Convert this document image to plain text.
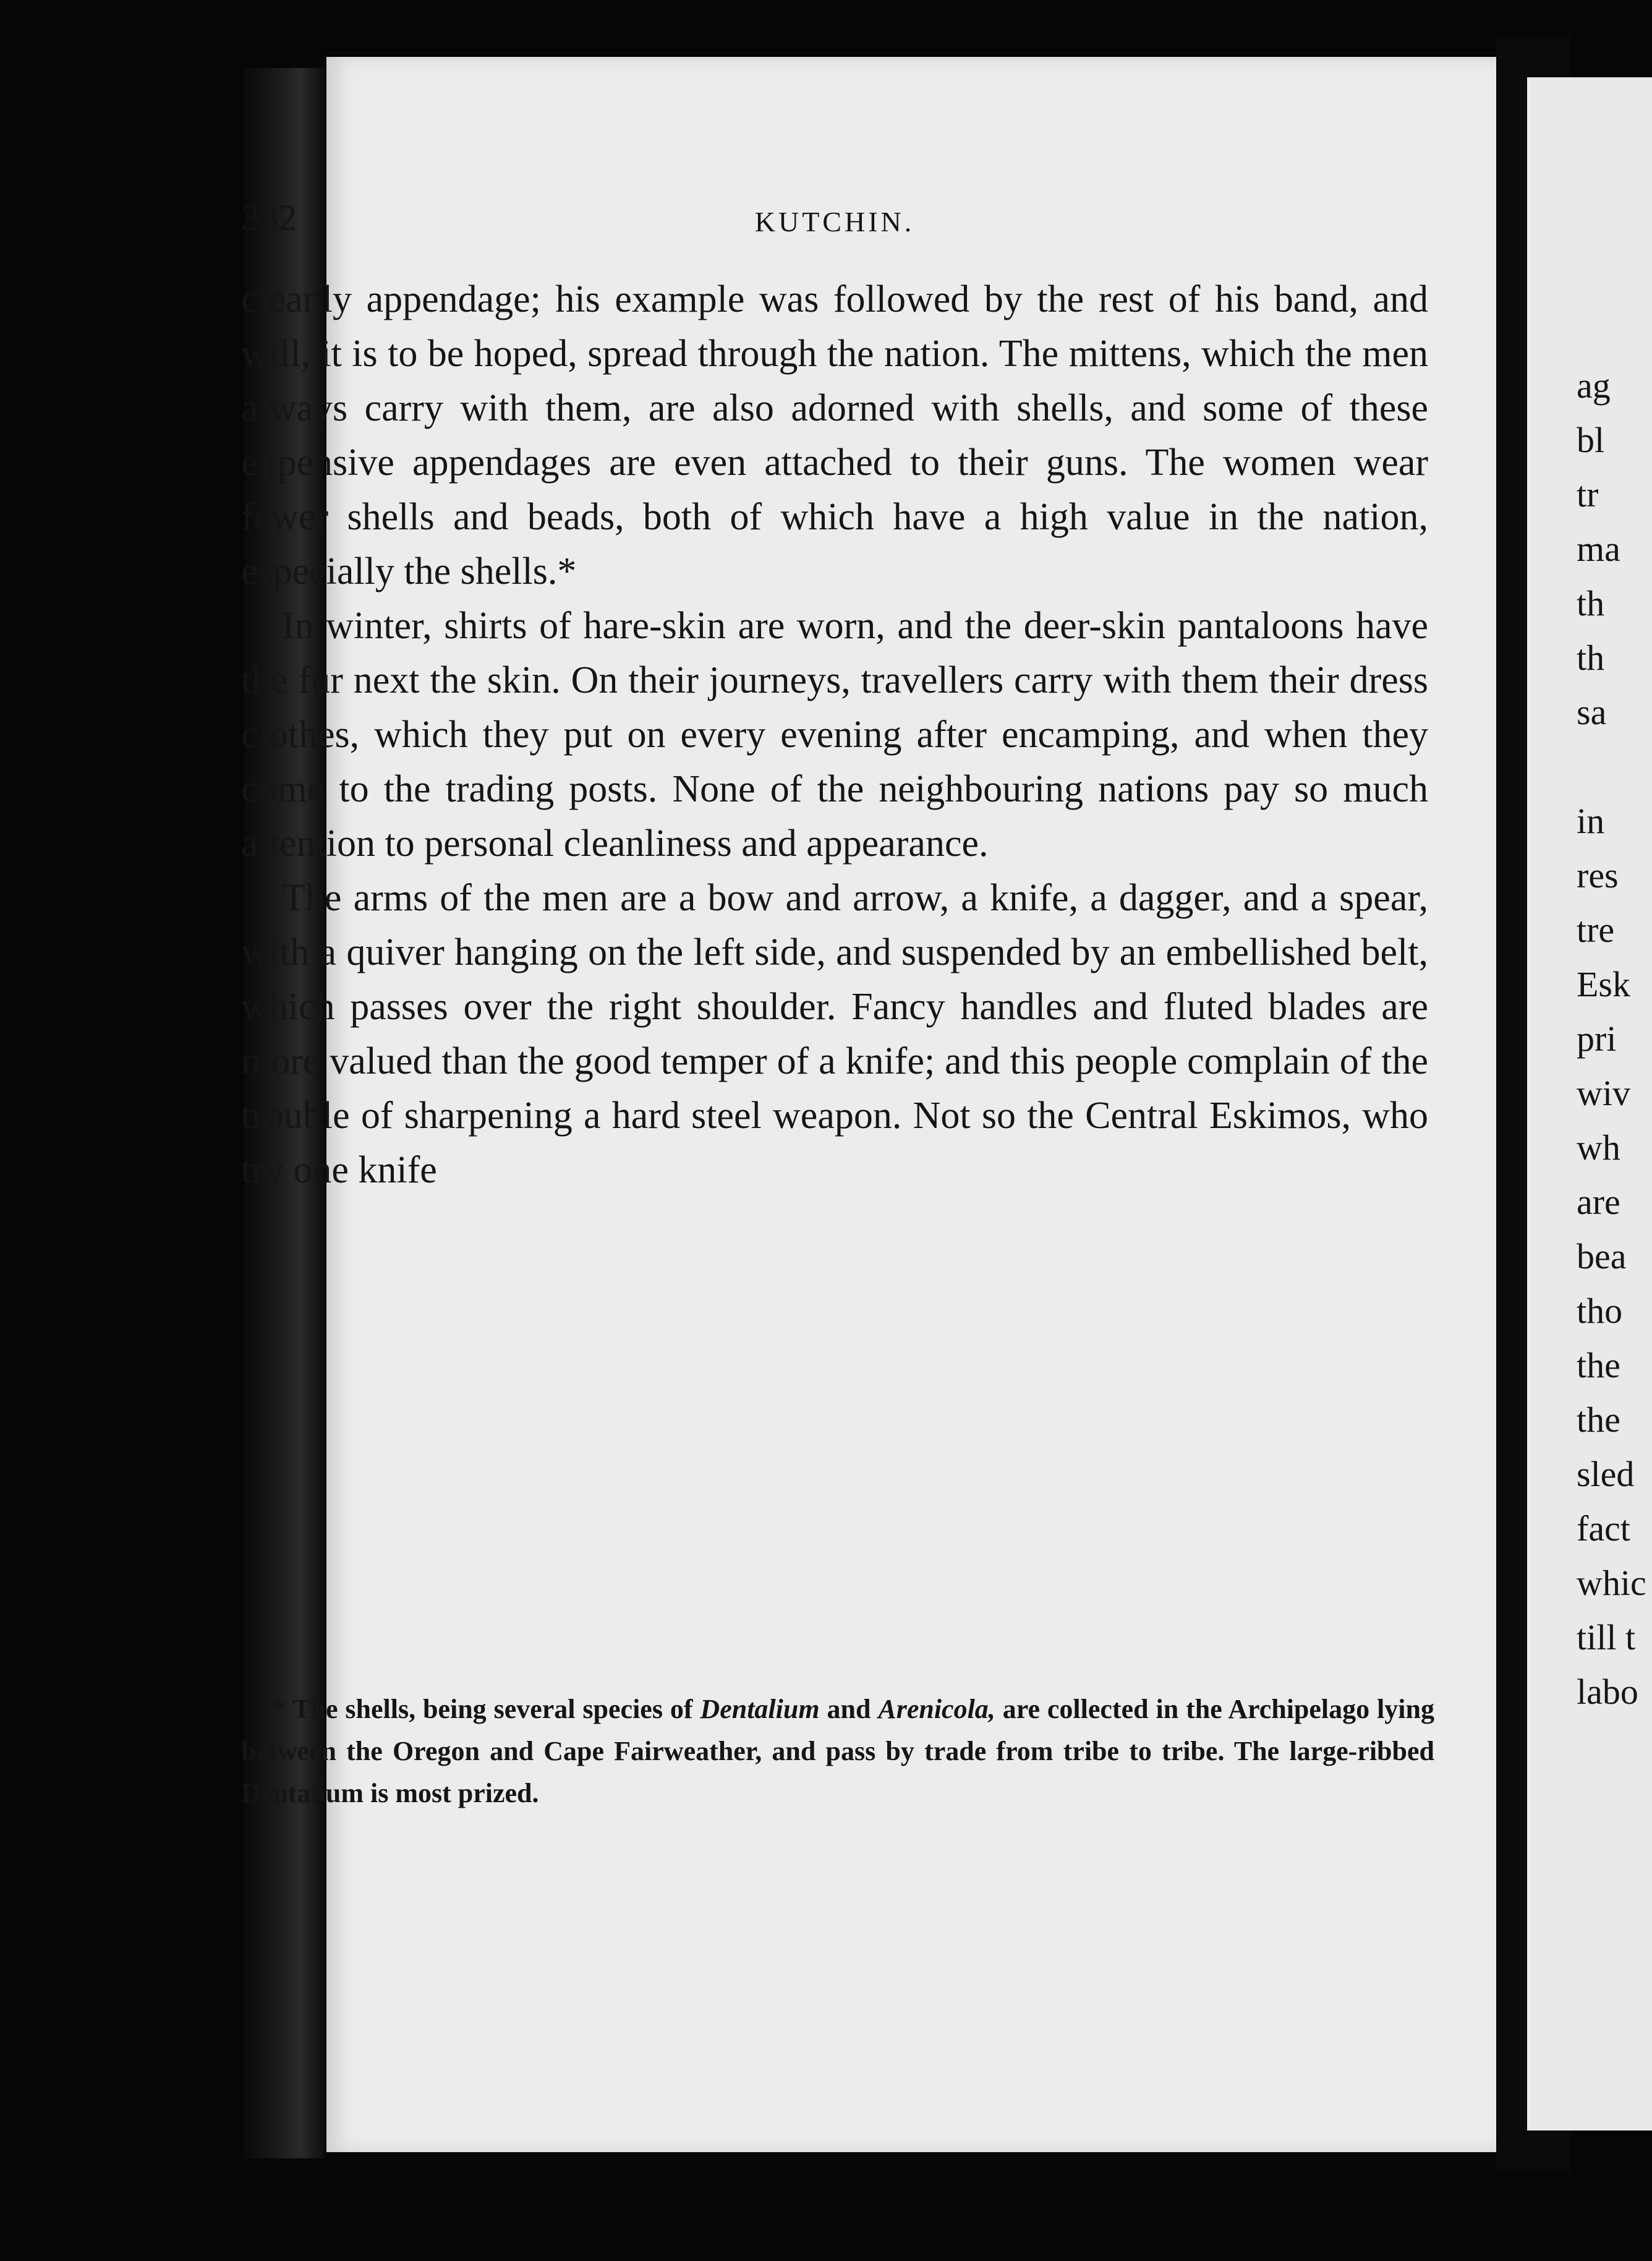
382	KUTCHIN.

cleanly appendage; his example was followed by the rest of his band, and will, it is to be hoped, spread through the nation. The mittens, which the men always carry with them, are also adorned with shells, and some of these expensive appendages are even attached to their guns. The women wear fewer shells and beads, both of which have a high value in the nation, especially the shells.*

In winter, shirts of hare-skin are worn, and the deer-skin pantaloons have the fur next the skin. On their journeys, travellers carry with them their dress clothes, which they put on every evening after encamping, and when they come to the trading posts. None of the neighbouring nations pay so much attention to personal cleanliness and appearance.

The arms of the men are a bow and arrow, a knife, a dagger, and a spear, with a quiver hanging on the left side, and suspended by an embellished belt, which passes over the right shoulder. Fancy handles and fluted blades are more valued than the good temper of a knife; and this people complain of the trouble of sharpening a hard steel weapon. Not so the Central Eskimos, who try one knife

* The shells, being several species of Dentalium and Arenicola, are collected in the Archipelago lying between the Oregon and Cape Fairweather, and pass by trade from tribe to tribe. The large-ribbed Dentalium is most prized.
ag
bl
tr
ma
th
th
sa
in
res
tre
Esk
pri
wiv
wh
are
bea
tho
the
the
sled
fact
whic
till t
labo
